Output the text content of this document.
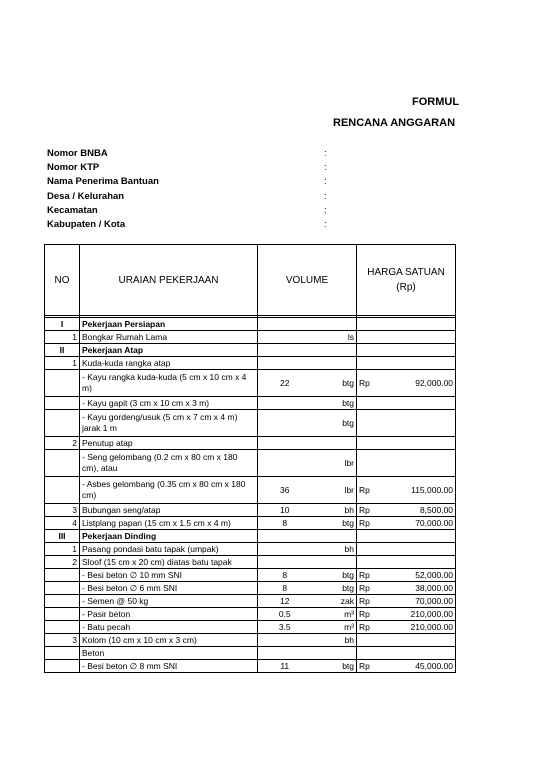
FORMUL
RENCANA ANGGARAN
Nomor BNBA	:
Nomor KTP	:
Nama Penerima Bantuan	:
Desa / Kelurahan	:
Kecamatan	:
Kabupaten / Kota	:
NO	URAIAN PEKERJAAN	VOLUME		HARGA SATUAN
(Rp)	

I	Pekerjaan Persiapan				
1	Bongkar Rumah Lama		ls		
II	Pekerjaan Atap				
1	Kuda-kuda rangka atap				
	- Kayu rangka kuda-kuda (5 cm x 10 cm x 4 m)	22	btg	Rp	92,000.00
	- Kayu gapit (3 cm x 10 cm x 3 m)		btg		
	- Kayu gordeng/usuk (5 cm x 7 cm x 4 m) jarak 1 m		btg		
2	Penutup atap				
	- Seng gelombang (0.2 cm x 80 cm x 180 cm), atau		lbr		
	- Asbes gelombang (0.35 cm x 80 cm x 180 cm)	36	lbr	Rp	115,000.00
3	Bubungan seng/atap	10	bh	Rp	8,500.00
4	Listplang papan (15 cm x 1.5 cm x 4 m)	8	btg	Rp	70,000.00
III	Pekerjaan Dinding				
1	Pasang pondasi batu tapak (umpak)		bh		
2	Sloof (15 cm x 20 cm) diatas batu tapak				
	- Besi beton ∅ 10 mm SNI	8	btg	Rp	52,000.00
	- Besi beton ∅ 6 mm SNI	8	btg	Rp	38,000.00
	- Semen @ 50 kg	12	zak	Rp	70,000.00
	- Pasir beton	0.5	m³	Rp	210,000.00
	- Batu pecah	3.5	m³	Rp	210,000.00
3	Kolom (10 cm x 10 cm x 3 cm)		bh		
	Beton				
	- Besi beton ∅ 8 mm SNI	11	btg	Rp	45,000.00
